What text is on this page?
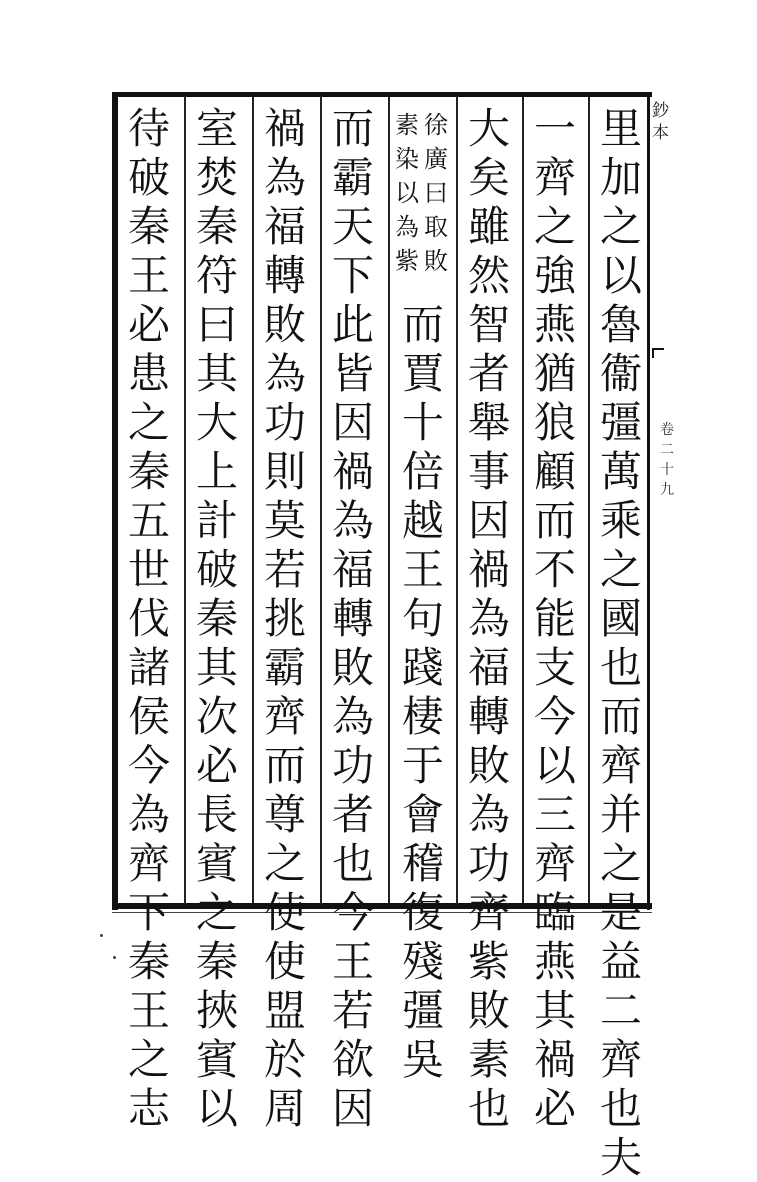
里
加
之
以
魯
衞
彊
萬
乘
之
國
也
而
齊
并
之
是
益
二
齊
也
夫
一
齊
之
強
燕
猶
狼
顧
而
不
能
支
今
以
三
齊
臨
燕
其
禍
必
大
矣
雖
然
智
者
舉
事
因
禍
為
福
轉
敗
為
功
齊
紫
敗
素
也
徐
廣
曰
取
敗
素
染
以
為
紫
而
賈
十
倍
越
王
句
踐
棲
于
會
稽
復
殘
彊
吳
而
霸
天
下
此
皆
因
禍
為
福
轉
敗
為
功
者
也
今
王
若
欲
因
禍
為
福
轉
敗
為
功
則
莫
若
挑
霸
齊
而
尊
之
使
使
盟
於
周
室
焚
秦
符
曰
其
大
上
計
破
秦
其
次
必
長
賓
之
秦
挾
賓
以
待
破
秦
王
必
患
之
秦
五
世
伐
諸
侯
今
為
齊
下
秦
王
之
志
鈔
本
卷
二
十
九
